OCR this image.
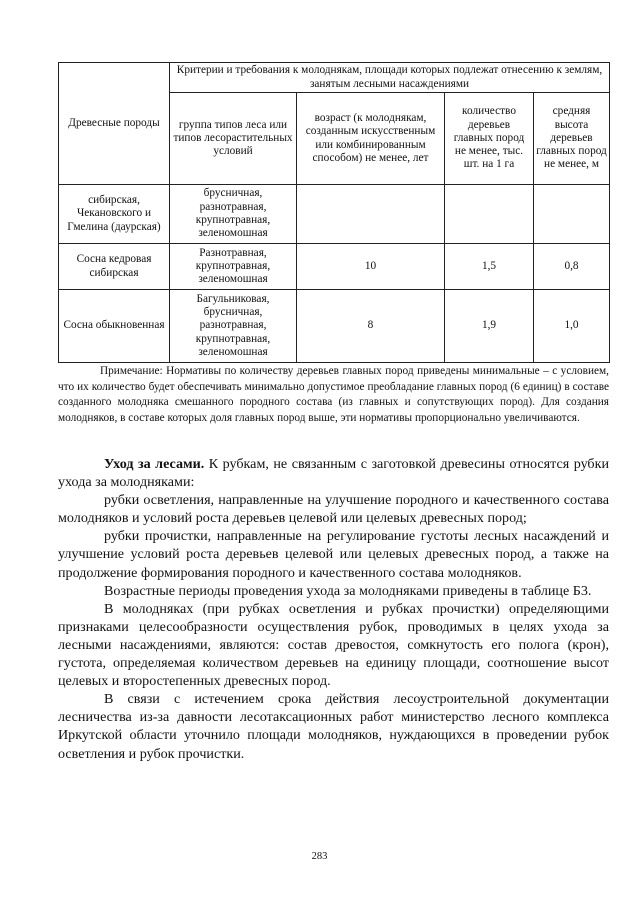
Древесные породы	Критерии и требования к молоднякам, площади которых подлежат отнесению к землям, занятым лесными насаждениями			
	группа типов леса или типов лесорастительных условий	возраст (к молоднякам, созданным искусственным или комбинированным способом) не менее, лет	количество деревьев главных пород не менее, тыс. шт. на 1 га	средняя высота деревьев главных пород не менее, м
сибирская, Чекановского и Гмелина (даурская)	брусничная, разнотравная, крупнотравная, зеленомошная			
Сосна кедровая сибирская	Разнотравная, крупнотравная, зеленомошная	10	1,5	0,8
Сосна обыкновенная	Багульниковая, брусничная, разнотравная, крупнотравная, зеленомошная	8	1,9	1,0

Примечание: Нормативы по количеству деревьев главных пород приведены минимальные – с условием, что их количество будет обеспечивать минимально допустимое преобладание главных пород (6 единиц) в составе созданного молодняка смешанного породного состава (из главных и сопутствующих пород). Для создания молодняков, в составе которых доля главных пород выше, эти нормативы пропорционально увеличиваются.

Уход за лесами. К рубкам, не связанным с заготовкой древесины относятся рубки ухода за молодняками:

рубки осветления, направленные на улучшение породного и качественного состава молодняков и условий роста деревьев целевой или целевых древесных пород;

рубки прочистки, направленные на регулирование густоты лесных насаждений и улучшение условий роста деревьев целевой или целевых древесных пород, а также на продолжение формирования породного и качественного состава молодняков.

Возрастные периоды проведения ухода за молодняками приведены в таблице Б3.

В молодняках (при рубках осветления и рубках прочистки) определяющими признаками целесообразности осуществления рубок, проводимых в целях ухода за лесными насаждениями, являются: состав древостоя, сомкнутость его полога (крон), густота, определяемая количеством деревьев на единицу площади, соотношение высот целевых и второстепенных древесных пород.

В связи с истечением срока действия лесоустроительной документации лесничества из-за давности лесотаксационных работ министерство лесного комплекса Иркутской области уточнило площади молодняков, нуждающихся в проведении рубок осветления и рубок прочистки.

283
